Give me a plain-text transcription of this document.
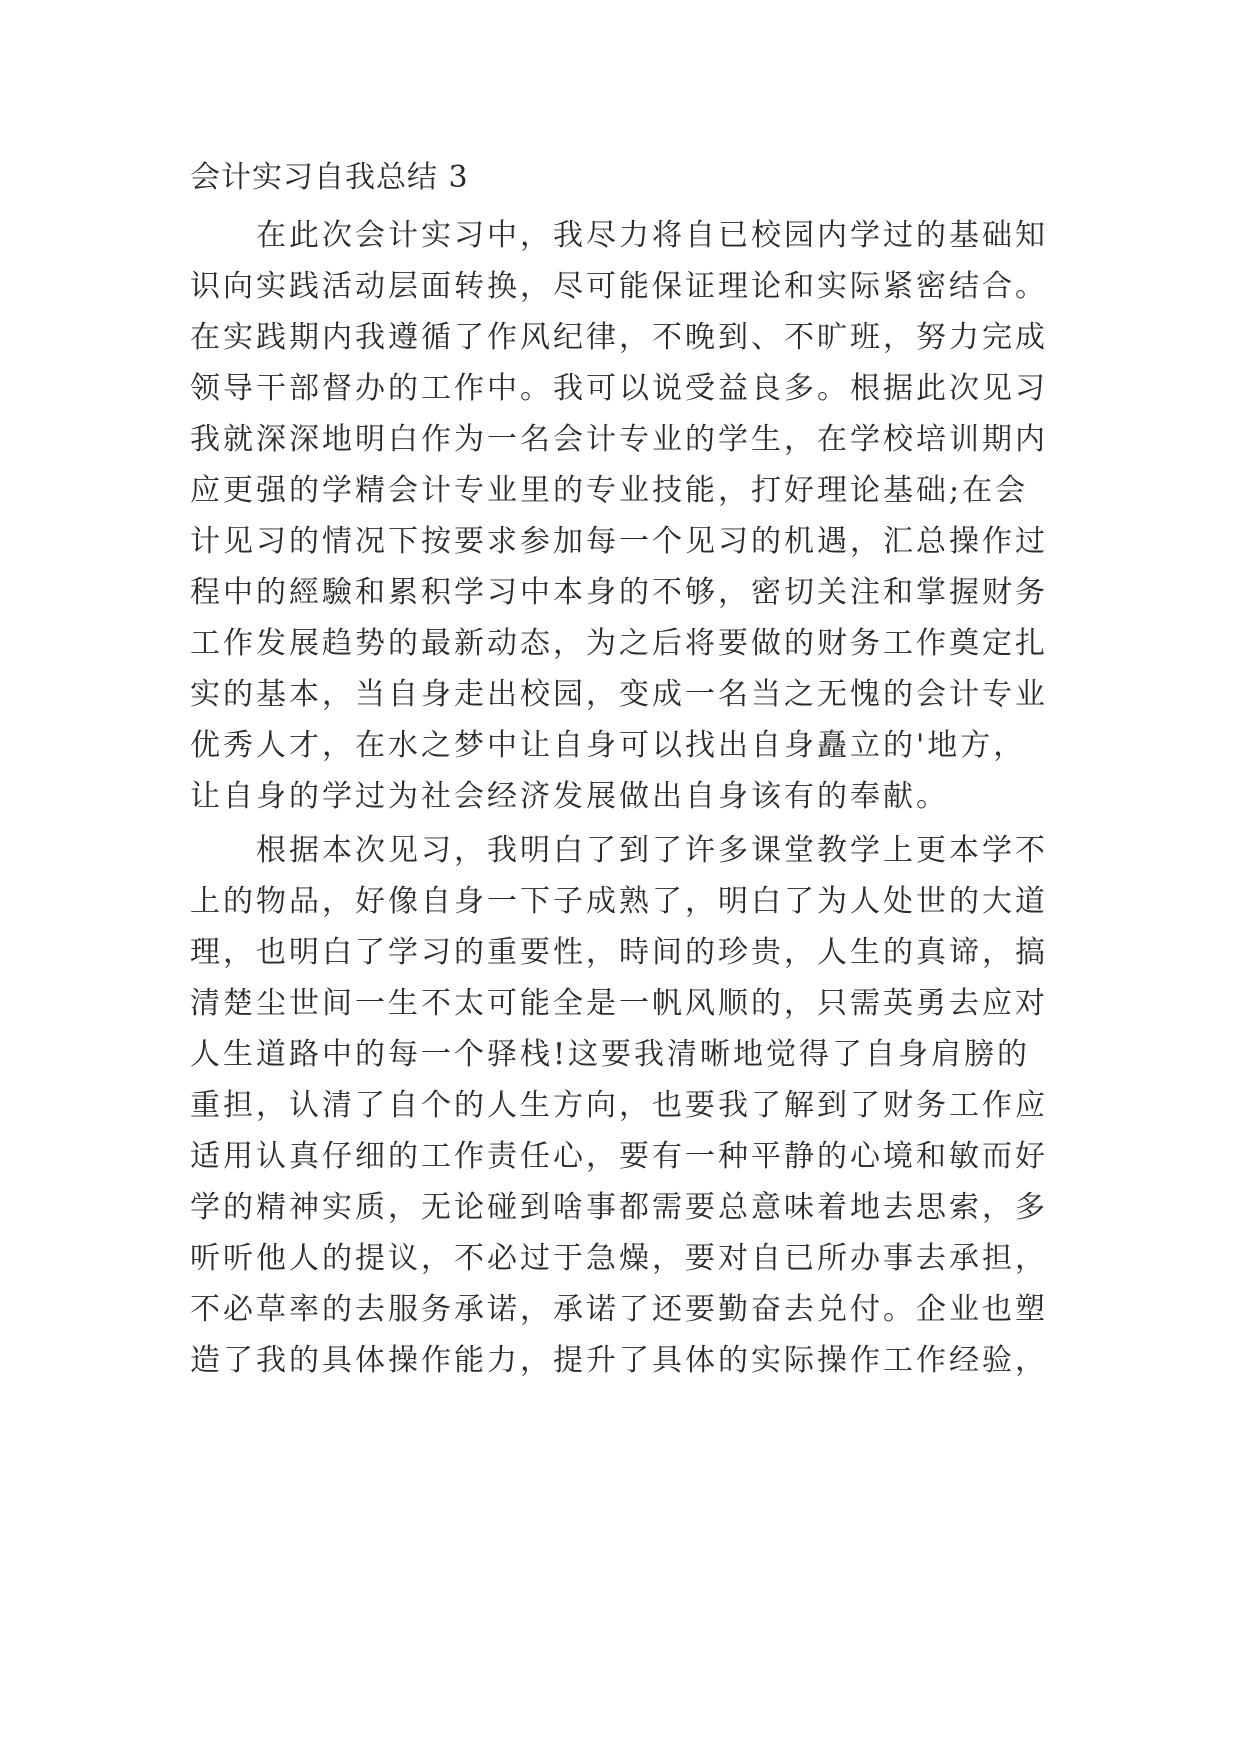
会计实习自我总结 3
在此次会计实习中，我尽力将自已校园内学过的基础知
识向实践活动层面转换，尽可能保证理论和实际紧密结合。
在实践期内我遵循了作风纪律，不晚到、不旷班，努力完成
领导干部督办的工作中。我可以说受益良多。根据此次见习
我就深深地明白作为一名会计专业的学生，在学校培训期内
应更强的学精会计专业里的专业技能，打好理论基础;在会
计见习的情况下按要求参加每一个见习的机遇，汇总操作过
程中的經驗和累积学习中本身的不够，密切关注和掌握财务
工作发展趋势的最新动态，为之后将要做的财务工作奠定扎
实的基本，当自身走出校园，变成一名当之无愧的会计专业
优秀人才，在水之梦中让自身可以找出自身矗立的'地方，
让自身的学过为社会经济发展做出自身该有的奉献。
根据本次见习，我明白了到了许多课堂教学上更本学不
上的物品，好像自身一下子成熟了，明白了为人处世的大道
理，也明白了学习的重要性，時间的珍贵，人生的真谛，搞
清楚尘世间一生不太可能全是一帆风顺的，只需英勇去应对
人生道路中的每一个驿栈!这要我清晰地觉得了自身肩膀的
重担，认清了自个的人生方向，也要我了解到了财务工作应
适用认真仔细的工作责任心，要有一种平静的心境和敏而好
学的精神实质，无论碰到啥事都需要总意味着地去思索，多
听听他人的提议，不必过于急燥，要对自已所办事去承担，
不必草率的去服务承诺，承诺了还要勤奋去兑付。企业也塑
造了我的具体操作能力，提升了具体的实际操作工作经验，
